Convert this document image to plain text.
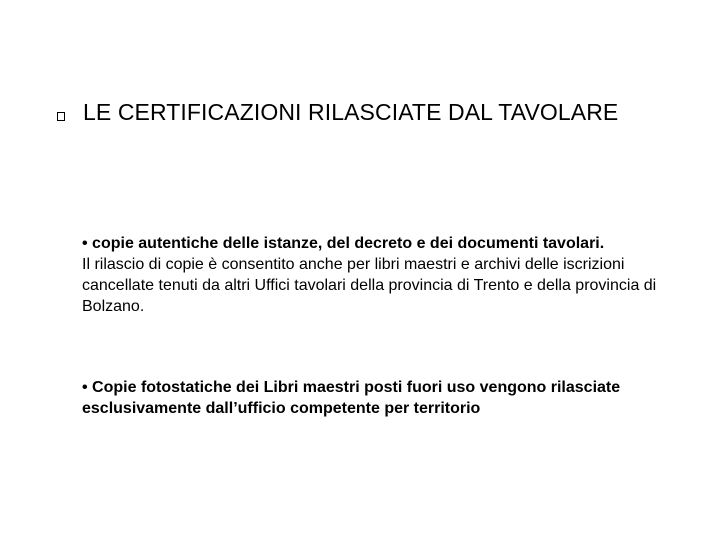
LE CERTIFICAZIONI RILASCIATE DAL TAVOLARE
• copie autentiche delle istanze, del decreto e dei documenti tavolari.
Il rilascio di copie è consentito anche per libri maestri e archivi delle iscrizioni cancellate tenuti da altri Uffici tavolari della provincia di Trento e della provincia di Bolzano.
• Copie fotostatiche dei Libri maestri posti fuori uso vengono rilasciate esclusivamente dall’ufficio competente per territorio
